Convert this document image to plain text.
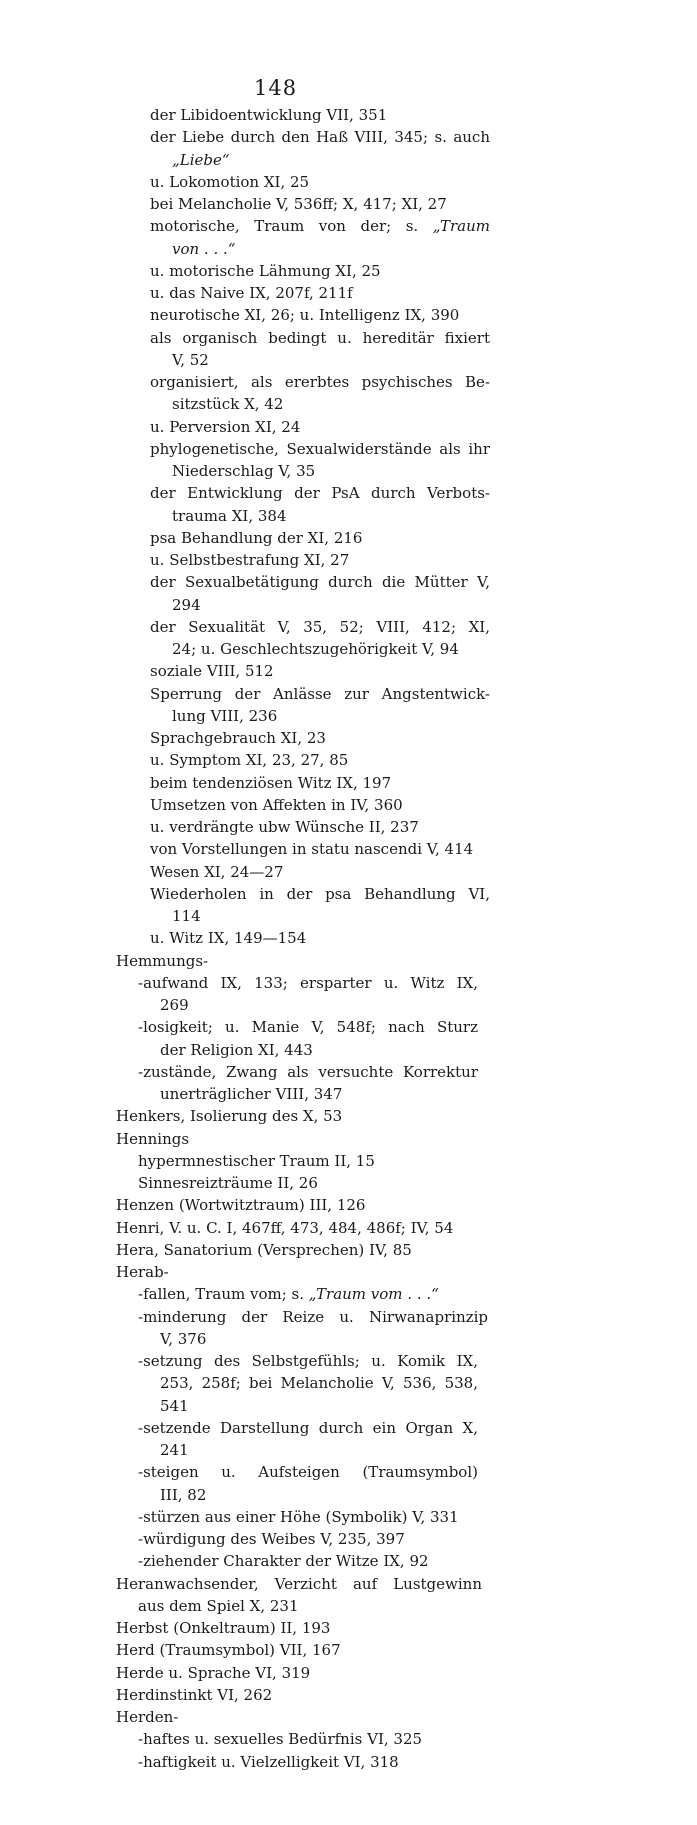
148
der Libidoentwicklung VII, 351
der Liebe durch den Haß VIII, 345; s. auch
„Liebe“
u. Lokomotion XI, 25
bei Melancholie V, 536ff; X, 417; XI, 27
motorische, Traum von der; s. „Traum
von . . .“
u. motorische Lähmung XI, 25
u. das Naive IX, 207f, 211f
neurotische XI, 26; u. Intelligenz IX, 390
als organisch bedingt u. hereditär fixiert
V, 52
organisiert, als ererbtes psychisches Be-
sitzstück X, 42
u. Perversion XI, 24
phylogenetische, Sexualwiderstände als ihr
Niederschlag V, 35
der Entwicklung der PsA durch Verbots-
trauma XI, 384
psa Behandlung der XI, 216
u. Selbstbestrafung XI, 27
der Sexualbetätigung durch die Mütter V,
294
der Sexualität V, 35, 52; VIII, 412; XI,
24; u. Geschlechtszugehörigkeit V, 94
soziale VIII, 512
Sperrung der Anlässe zur Angstentwick-
lung VIII, 236
Sprachgebrauch XI, 23
u. Symptom XI, 23, 27, 85
beim tendenziösen Witz IX, 197
Umsetzen von Affekten in IV, 360
u. verdrängte ubw Wünsche II, 237
von Vorstellungen in statu nascendi V, 414
Wesen XI, 24—27
Wiederholen in der psa Behandlung VI,
114
u. Witz IX, 149—154
Hemmungs-
-aufwand IX, 133; ersparter u. Witz IX,
269
-losigkeit; u. Manie V, 548f; nach Sturz
der Religion XI, 443
-zustände, Zwang als versuchte Korrektur
unerträglicher VIII, 347
Henkers, Isolierung des X, 53
Hennings
hypermnestischer Traum II, 15
Sinnesreizträume II, 26
Henzen (Wortwitztraum) III, 126
Henri, V. u. C. I, 467ff, 473, 484, 486f; IV, 54
Hera, Sanatorium (Versprechen) IV, 85
Herab-
-fallen, Traum vom; s. „Traum vom . . .“
-minderung der Reize u. Nirwanaprinzip
V, 376
-setzung des Selbstgefühls; u. Komik IX,
253, 258f; bei Melancholie V, 536, 538,
541
-setzende Darstellung durch ein Organ X,
241
-steigen u. Aufsteigen (Traumsymbol)
III, 82
-stürzen aus einer Höhe (Symbolik) V, 331
-würdigung des Weibes V, 235, 397
-ziehender Charakter der Witze IX, 92
Heranwachsender, Verzicht auf Lustgewinn
aus dem Spiel X, 231
Herbst (Onkeltraum) II, 193
Herd (Traumsymbol) VII, 167
Herde u. Sprache VI, 319
Herdinstinkt VI, 262
Herden-
-haftes u. sexuelles Bedürfnis VI, 325
-haftigkeit u. Vielzelligkeit VI, 318
